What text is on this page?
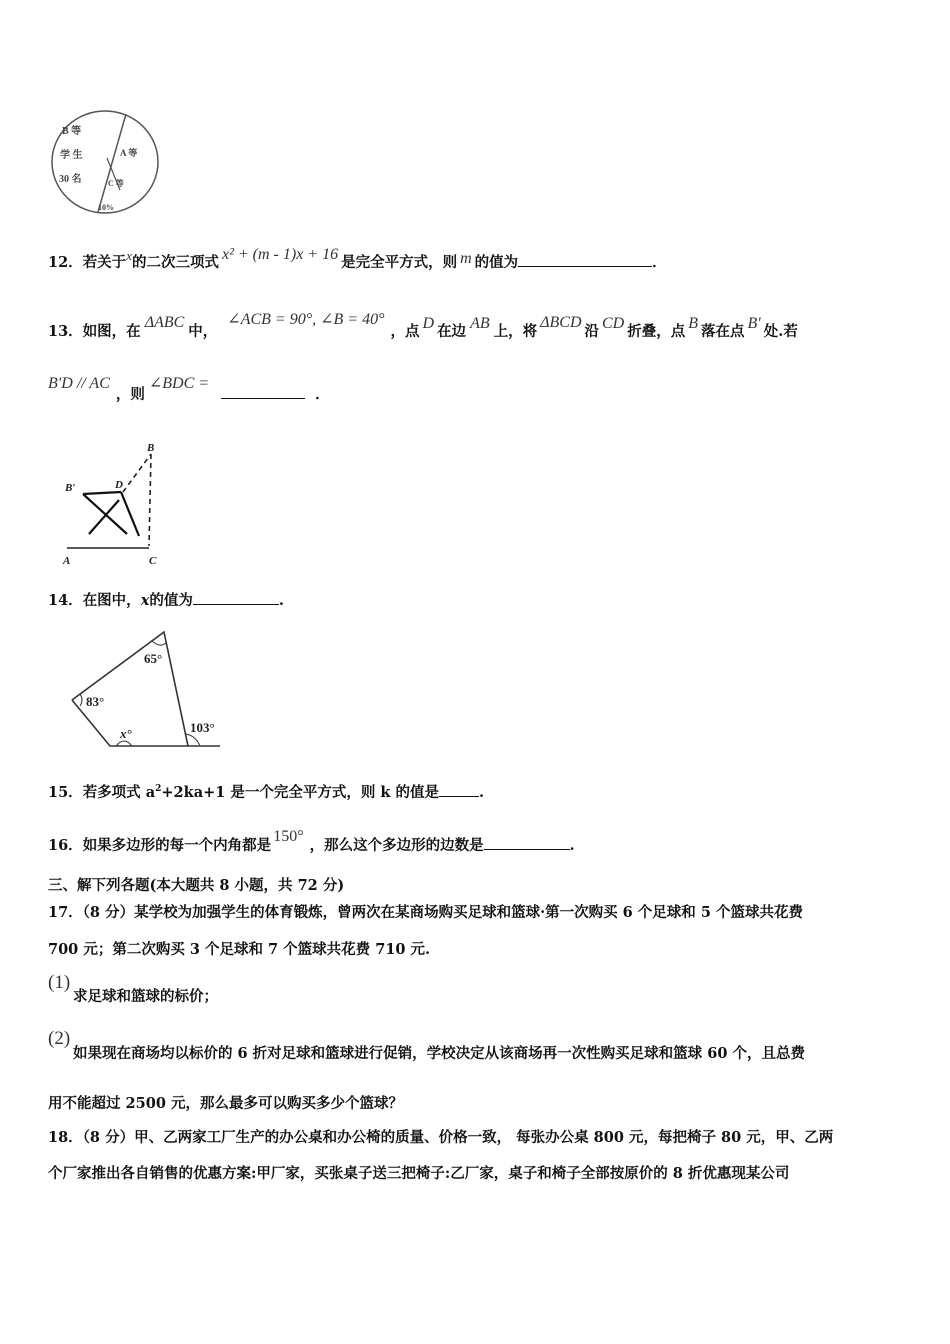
B 等
学 生
30 名
A 等
C 等
10%
12．若关于x的二次三项式 x² + (m - 1)x + 16 是完全平方式，则 m 的值为	．
13．如图，在ΔABC中，∠ACB = 90°, ∠B = 40°，点 D 在边 AB 上，将ΔBCD沿 CD 折叠，点 B 落在点 B′ 处.若
B′D // AC，则∠BDC =．
B
D
B′
A	C
14．在图中，x的值为	.
65°
83°
x°	103°
15．若多项式 $a^2+2ka+1$ 是一个完全平方式，则 k 的值是	.
16．如果多边形的每一个内角都是150°，那么这个多边形的边数是	.
三、解下列各题(本大题共 8 小题，共 72 分)
17．（8 分）某学校为加强学生的体育锻炼，曾两次在某商场购买足球和篮球·第一次购买 6 个足球和 5 个篮球共花费
700 元；第二次购买 3 个足球和 7 个篮球共花费 710 元.
(1)
求足球和篮球的标价；
(2)
如果现在商场均以标价的 6 折对足球和篮球进行促销，学校决定从该商场再一次性购买足球和篮球 60 个，且总费
用不能超过 2500 元，那么最多可以购买多少个篮球？
18．（8 分）甲、乙两家工厂生产的办公桌和办公椅的质量、价格一致， 每张办公桌 800 元，每把椅子 80 元，甲、乙两
个厂家推出各自销售的优惠方案:甲厂家，买张桌子送三把椅子:乙厂家，桌子和椅子全部按原价的 8 折优惠现某公司
